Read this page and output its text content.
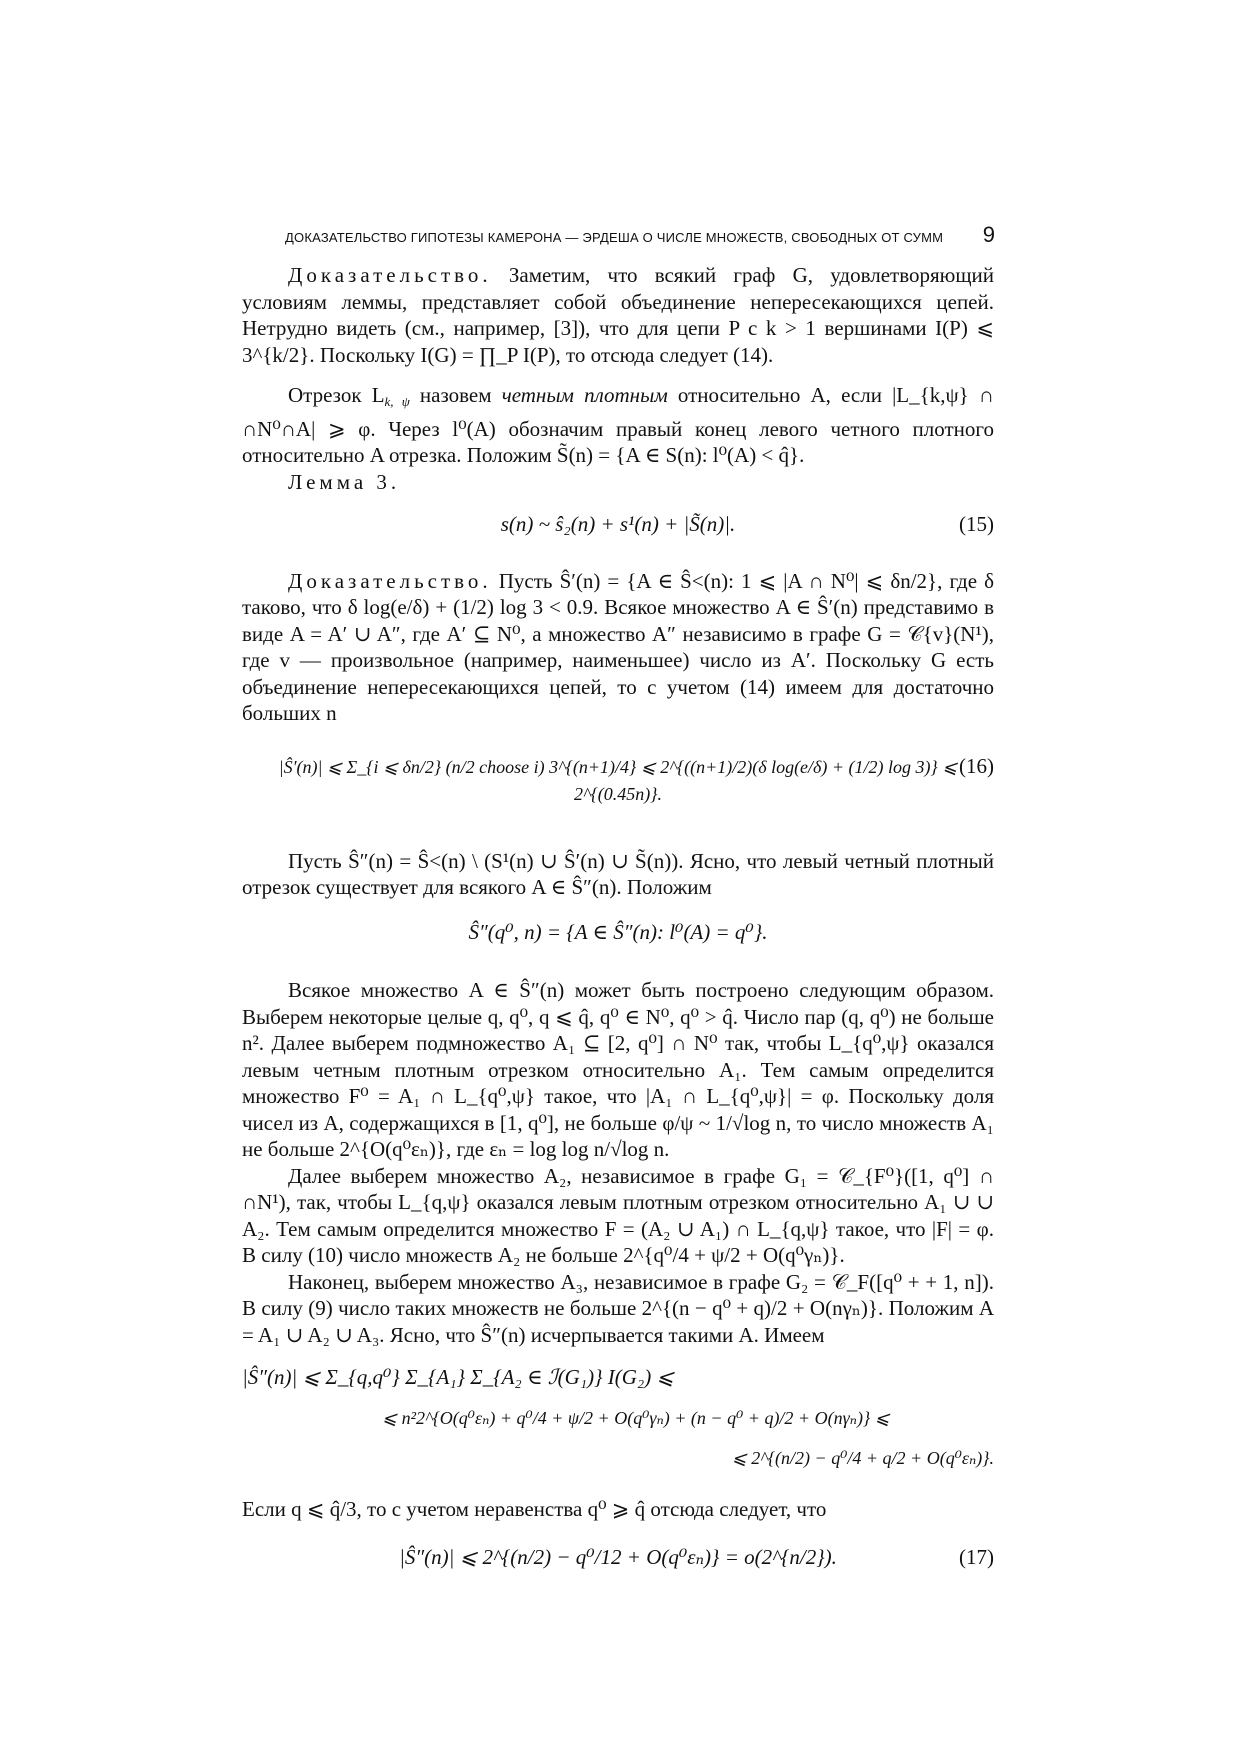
ДОКАЗАТЕЛЬСТВО ГИПОТЕЗЫ КАМЕРОНА — ЭРДЕША О ЧИСЛЕ МНОЖЕСТВ, СВОБОДНЫХ ОТ СУММ 9

Доказательство. Заметим, что всякий граф G, удовлетворяющий условиям леммы, представляет собой объединение непересекающихся цепей. Нетрудно видеть (см., например, [3]), что для цепи P с k > 1 вершинами I(P) ⩽ 3^{k/2}. Поскольку I(G) = ∏_P I(P), то отсюда следует (14).

Отрезок $L_{k, \psi}$ назовем четным плотным относительно A, если |L_{k,ψ} ∩ ∩N⁰∩A| ⩾ φ. Через l⁰(A) обозначим правый конец левого четного плотного относительно A отрезка. Положим S̃(n) = {A ∈ S(n): l⁰(A) < q̂}.

Лемма 3.

s(n) ~ ŝ₂(n) + s¹(n) + |S̃(n)|.	(15)

Доказательство. Пусть Ŝ′(n) = {A ∈ Ŝ<(n): 1 ⩽ |A ∩ N⁰| ⩽ δn/2}, где δ таково, что δ log(e/δ) + (1/2) log 3 < 0.9. Всякое множество A ∈ Ŝ′(n) представимо в виде A = A′ ∪ A″, где A′ ⊆ N⁰, а множество A″ независимо в графе G = 𝒞{v}(N¹), где v — произвольное (например, наименьшее) число из A′. Поскольку G есть объединение непересекающихся цепей, то с учетом (14) имеем для достаточно больших n

|Ŝ′(n)| ⩽ Σ_{i ⩽ δn/2} (n/2 choose i) 3^{(n+1)/4} ⩽ 2^{((n+1)/2)(δ log(e/δ) + (1/2) log 3)} ⩽ 2^{(0.45n)}.
(16)

Пусть Ŝ″(n) = Ŝ<(n) \ (S¹(n) ∪ Ŝ′(n) ∪ S̃(n)). Ясно, что левый четный плотный отрезок существует для всякого A ∈ Ŝ″(n). Положим

Ŝ″(q⁰, n) = {A ∈ Ŝ″(n): l⁰(A) = q⁰}.

Всякое множество A ∈ Ŝ″(n) может быть построено следующим образом. Выберем некоторые целые q, q⁰, q ⩽ q̂, q⁰ ∈ N⁰, q⁰ > q̂. Число пар (q, q⁰) не больше n². Далее выберем подмножество A₁ ⊆ [2, q⁰] ∩ N⁰ так, чтобы L_{q⁰,ψ} оказался левым четным плотным отрезком относительно A₁. Тем самым определится множество F⁰ = A₁ ∩ L_{q⁰,ψ} такое, что |A₁ ∩ L_{q⁰,ψ}| = φ. Поскольку доля чисел из A, содержащихся в [1, q⁰], не больше φ/ψ ~ 1/√log n, то число множеств A₁ не больше 2^{O(q⁰εₙ)}, где εₙ = log log n/√log n.

Далее выберем множество A₂, независимое в графе G₁ = 𝒞_{F⁰}([1, q⁰] ∩ ∩N¹), так, чтобы L_{q,ψ} оказался левым плотным отрезком относительно A₁ ∪ ∪ A₂. Тем самым определится множество F = (A₂ ∪ A₁) ∩ L_{q,ψ} такое, что |F| = φ. В силу (10) число множеств A₂ не больше 2^{q⁰/4 + ψ/2 + O(q⁰γₙ)}.

Наконец, выберем множество A₃, независимое в графе G₂ = 𝒞_F([q⁰ + + 1, n]). В силу (9) число таких множеств не больше 2^{(n − q⁰ + q)/2 + O(nγₙ)}. Положим A = A₁ ∪ A₂ ∪ A₃. Ясно, что Ŝ″(n) исчерпывается такими A. Имеем

|Ŝ″(n)| ⩽ Σ_{q,q⁰} Σ_{A₁} Σ_{A₂ ∈ ℐ(G₁)} I(G₂) ⩽
⩽ n²2^{O(q⁰εₙ) + q⁰/4 + ψ/2 + O(q⁰γₙ) + (n − q⁰ + q)/2 + O(nγₙ)} ⩽
⩽ 2^{(n/2) − q⁰/4 + q/2 + O(q⁰εₙ)}.

Если q ⩽ q̂/3, то с учетом неравенства q⁰ ⩾ q̂ отсюда следует, что

|Ŝ″(n)| ⩽ 2^{(n/2) − q⁰/12 + O(q⁰εₙ)} = o(2^{n/2}).	(17)
